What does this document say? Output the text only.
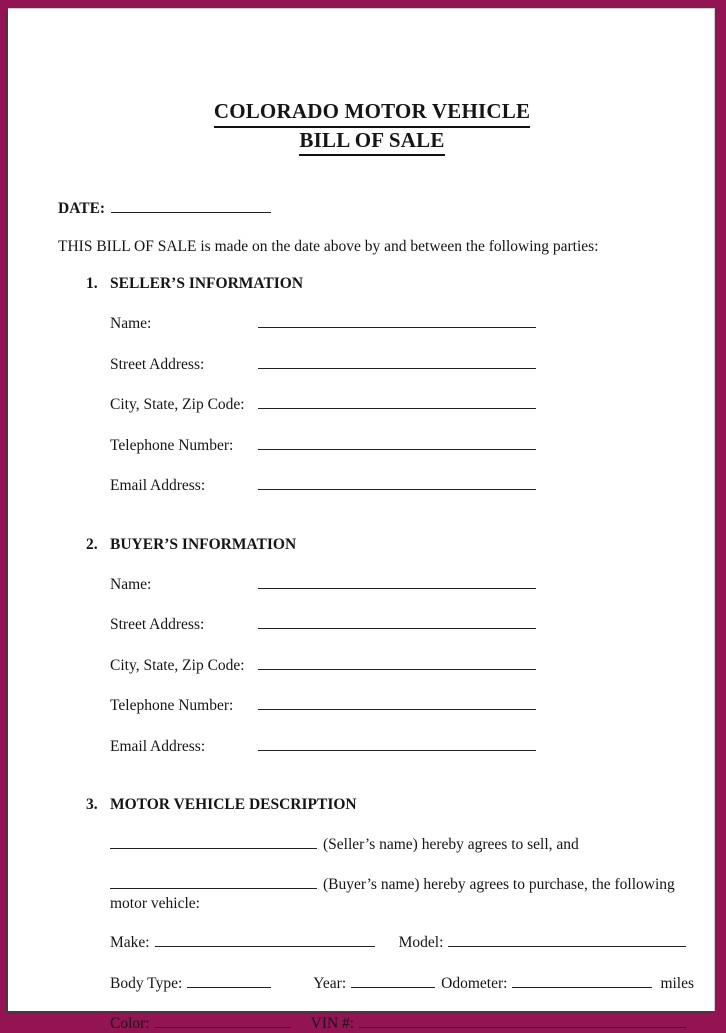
COLORADO MOTOR VEHICLE
BILL OF SALE
DATE:
THIS BILL OF SALE is made on the date above by and between the following parties:
1. SELLER’S INFORMATION
Name:
Street Address:
City, State, Zip Code:
Telephone Number:
Email Address:
2. BUYER’S INFORMATION
Name:
Street Address:
City, State, Zip Code:
Telephone Number:
Email Address:
3. MOTOR VEHICLE DESCRIPTION
(Seller’s name) hereby agrees to sell, and
(Buyer’s name) hereby agrees to purchase, the following motor vehicle:
Make:	Model:
Body Type:	Year:	Odometer:	miles
Color:	VIN #:
